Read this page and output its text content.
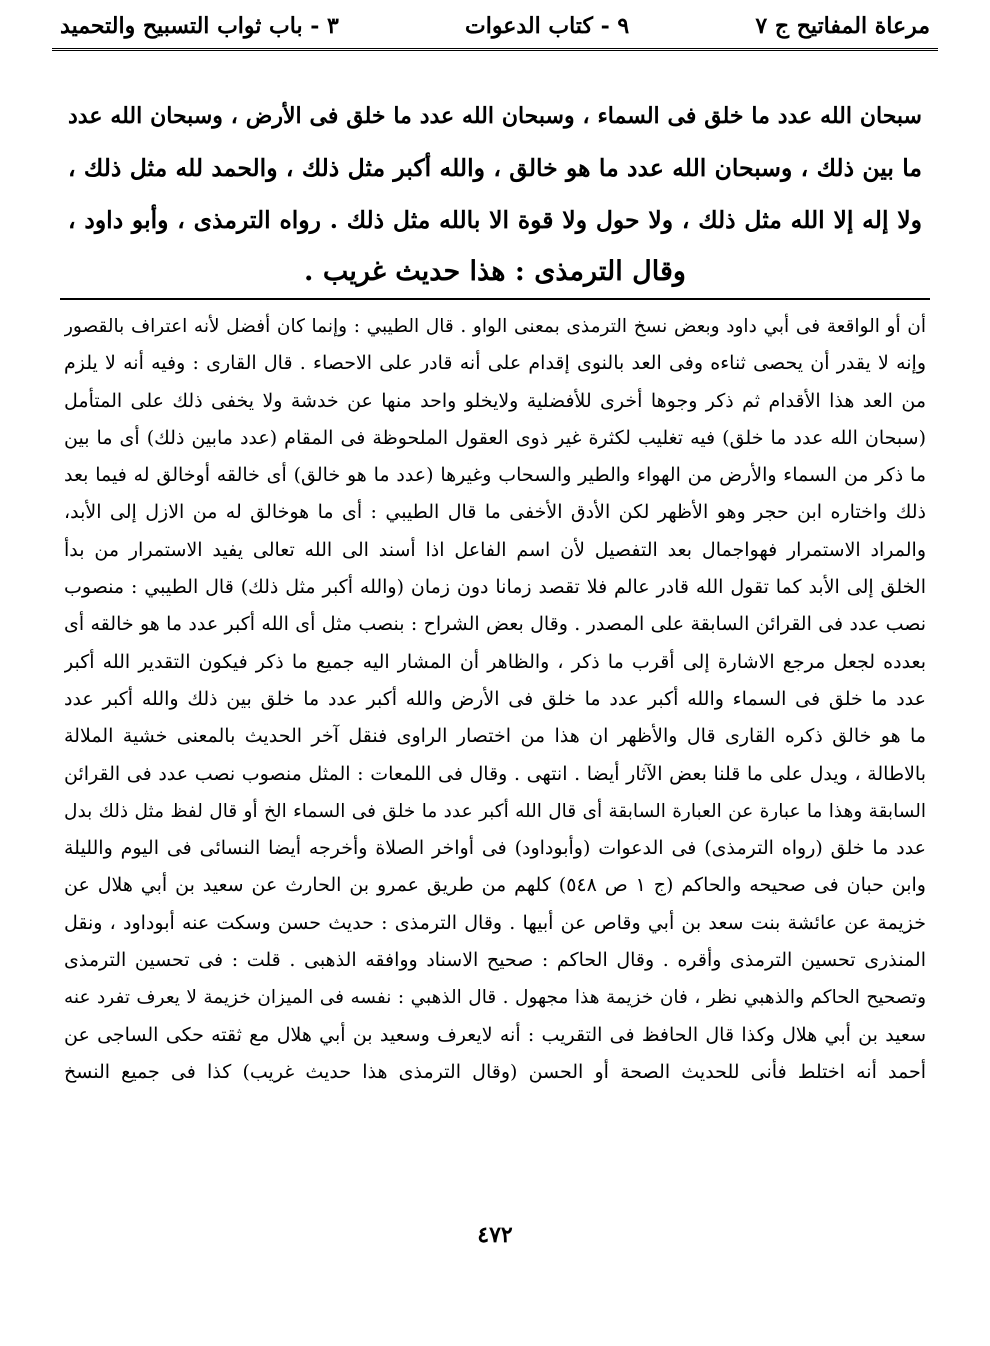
مرعاة المفاتيح ج ٧
٩ - كتاب الدعوات
٣ - باب ثواب التسبيح والتحميد
سبحان الله عدد ما خلق فى السماء ، وسبحان الله عدد ما خلق فى الأرض ، وسبحان الله عدد
ما بين ذلك ، وسبحان الله عدد ما هو خالق ، والله أكبر مثل ذلك ، والحمد لله مثل ذلك ،
ولا إله إلا الله مثل ذلك ، ولا حول ولا قوة الا بالله مثل ذلك . رواه الترمذى ، وأبو داود ،
وقال الترمذى : هذا حديث غريب .
أن أو الواقعة فى أبي داود وبعض نسخ الترمذى بمعنى الواو . قال الطيبي : وإنما كان أفضل لأنه اعتراف بالقصور
وإنه لا يقدر أن يحصى ثناءه وفى العد بالنوى إقدام على أنه قادر على الاحصاء . قال القارى : وفيه أنه لا يلزم
من العد هذا الأقدام ثم ذكر وجوها أخرى للأفضلية ولايخلو واحد منها عن خدشة ولا يخفى ذلك على المتأمل
(سبحان الله عدد ما خلق) فيه تغليب لكثرة غير ذوى العقول الملحوظة فى المقام (عدد مابين ذلك) أى ما بين
ما ذكر من السماء والأرض من الهواء والطير والسحاب وغيرها (عدد ما هو خالق) أى خالقه أوخالق له فيما بعد
ذلك واختاره ابن حجر وهو الأظهر لكن الأدق الأخفى ما قال الطيبي : أى ما هوخالق له من الازل إلى الأبد،
والمراد الاستمرار فهواجمال بعد التفصيل لأن اسم الفاعل اذا أسند الى الله تعالى يفيد الاستمرار من بدأ
الخلق إلى الأبد كما تقول الله قادر عالم فلا تقصد زمانا دون زمان (والله أكبر مثل ذلك) قال الطيبي : منصوب
نصب عدد فى القرائن السابقة على المصدر . وقال بعض الشراح : بنصب مثل أى الله أكبر عدد ما هو خالقه أى
بعدده لجعل مرجع الاشارة إلى أقرب ما ذكر ، والظاهر أن المشار اليه جميع ما ذكر فيكون التقدير الله أكبر
عدد ما خلق فى السماء والله أكبر عدد ما خلق فى الأرض والله أكبر عدد ما خلق بين ذلك والله أكبر عدد
ما هو خالق ذكره القارى قال والأظهر ان هذا من اختصار الراوى فنقل آخر الحديث بالمعنى خشية الملالة
بالاطالة ، ويدل على ما قلنا بعض الآثار أيضا . انتهى . وقال فى اللمعات : المثل منصوب نصب عدد فى القرائن
السابقة وهذا ما عبارة عن العبارة السابقة أى قال الله أكبر عدد ما خلق فى السماء الخ أو قال لفظ مثل ذلك بدل
عدد ما خلق (رواه الترمذى) فى الدعوات (وأبوداود) فى أواخر الصلاة وأخرجه أيضا النسائى فى اليوم والليلة
وابن حبان فى صحيحه والحاكم (ج ١ ص ٥٤٨) كلهم من طريق عمرو بن الحارث عن سعيد بن أبي هلال عن
خزيمة عن عائشة بنت سعد بن أبي وقاص عن أبيها . وقال الترمذى : حديث حسن وسكت عنه أبوداود ، ونقل
المنذرى تحسين الترمذى وأقره . وقال الحاكم : صحيح الاسناد ووافقه الذهبى . قلت : فى تحسين الترمذى
وتصحيح الحاكم والذهبي نظر ، فان خزيمة هذا مجهول . قال الذهبي : نفسه فى الميزان خزيمة لا يعرف تفرد عنه
سعيد بن أبي هلال وكذا قال الحافظ فى التقريب : أنه لايعرف وسعيد بن أبي هلال مع ثقته حكى الساجى عن
أحمد أنه اختلط فأنى للحديث الصحة أو الحسن (وقال الترمذى هذا حديث غريب) كذا فى جميع النسخ
٤٧٢
